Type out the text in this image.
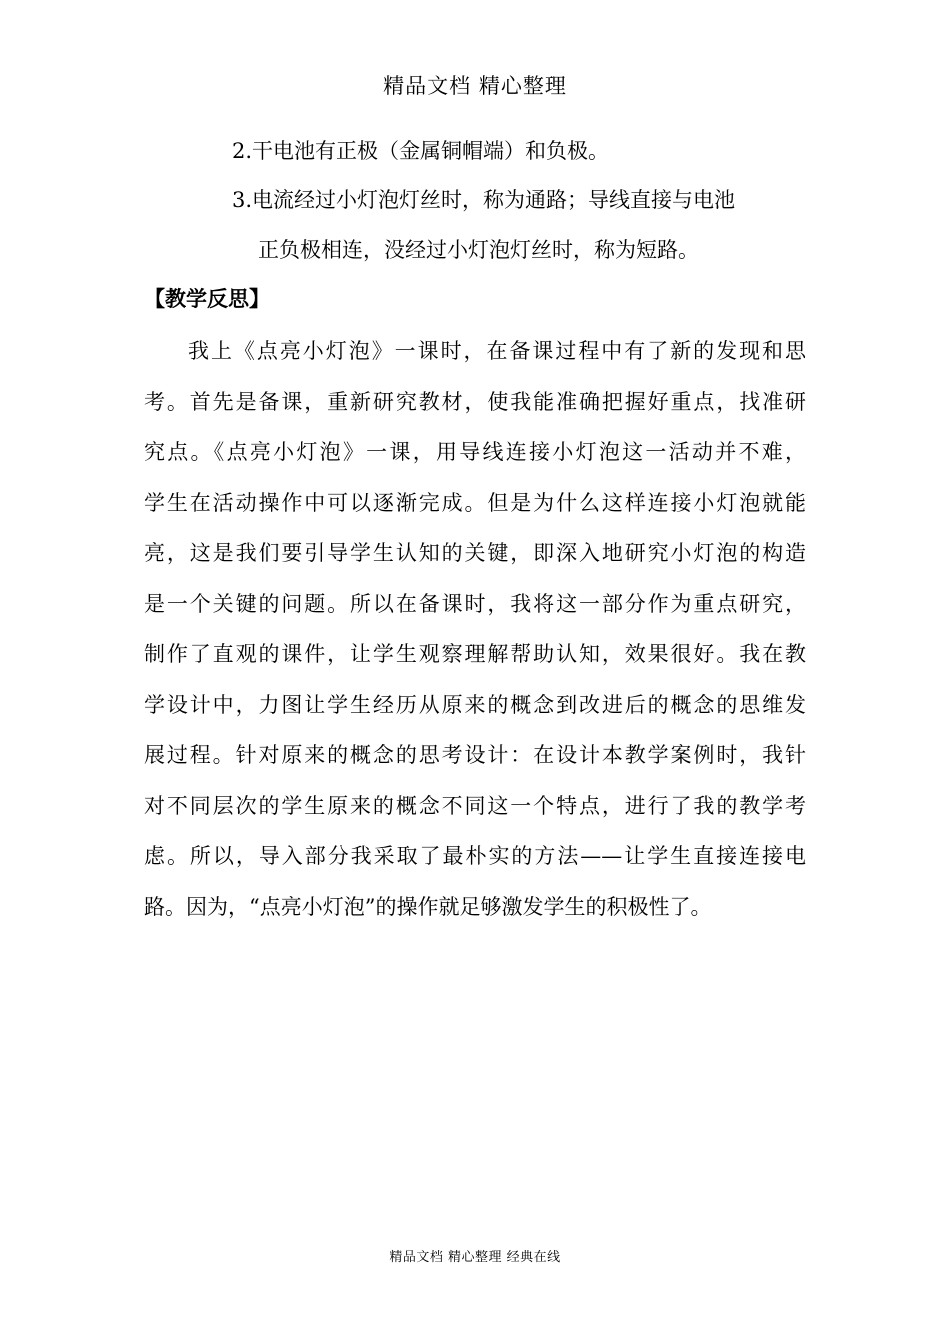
精品文档 精心整理
2.干电池有正极（金属铜帽端）和负极。
3.电流经过小灯泡灯丝时，称为通路；导线直接与电池
正负极相连，没经过小灯泡灯丝时，称为短路。
【教学反思】
我上《点亮小灯泡》一课时，在备课过程中有了新的发现和思
考。首先是备课，重新研究教材，使我能准确把握好重点，找准研
究点。《点亮小灯泡》一课，用导线连接小灯泡这一活动并不难，
学生在活动操作中可以逐渐完成。但是为什么这样连接小灯泡就能
亮，这是我们要引导学生认知的关键，即深入地研究小灯泡的构造
是一个关键的问题。所以在备课时，我将这一部分作为重点研究，
制作了直观的课件，让学生观察理解帮助认知，效果很好。我在教
学设计中，力图让学生经历从原来的概念到改进后的概念的思维发
展过程。针对原来的概念的思考设计：在设计本教学案例时，我针
对不同层次的学生原来的概念不同这一个特点，进行了我的教学考
虑。所以，导入部分我采取了最朴实的方法——让学生直接连接电
路。因为，“点亮小灯泡”的操作就足够激发学生的积极性了。
精品文档 精心整理 经典在线
